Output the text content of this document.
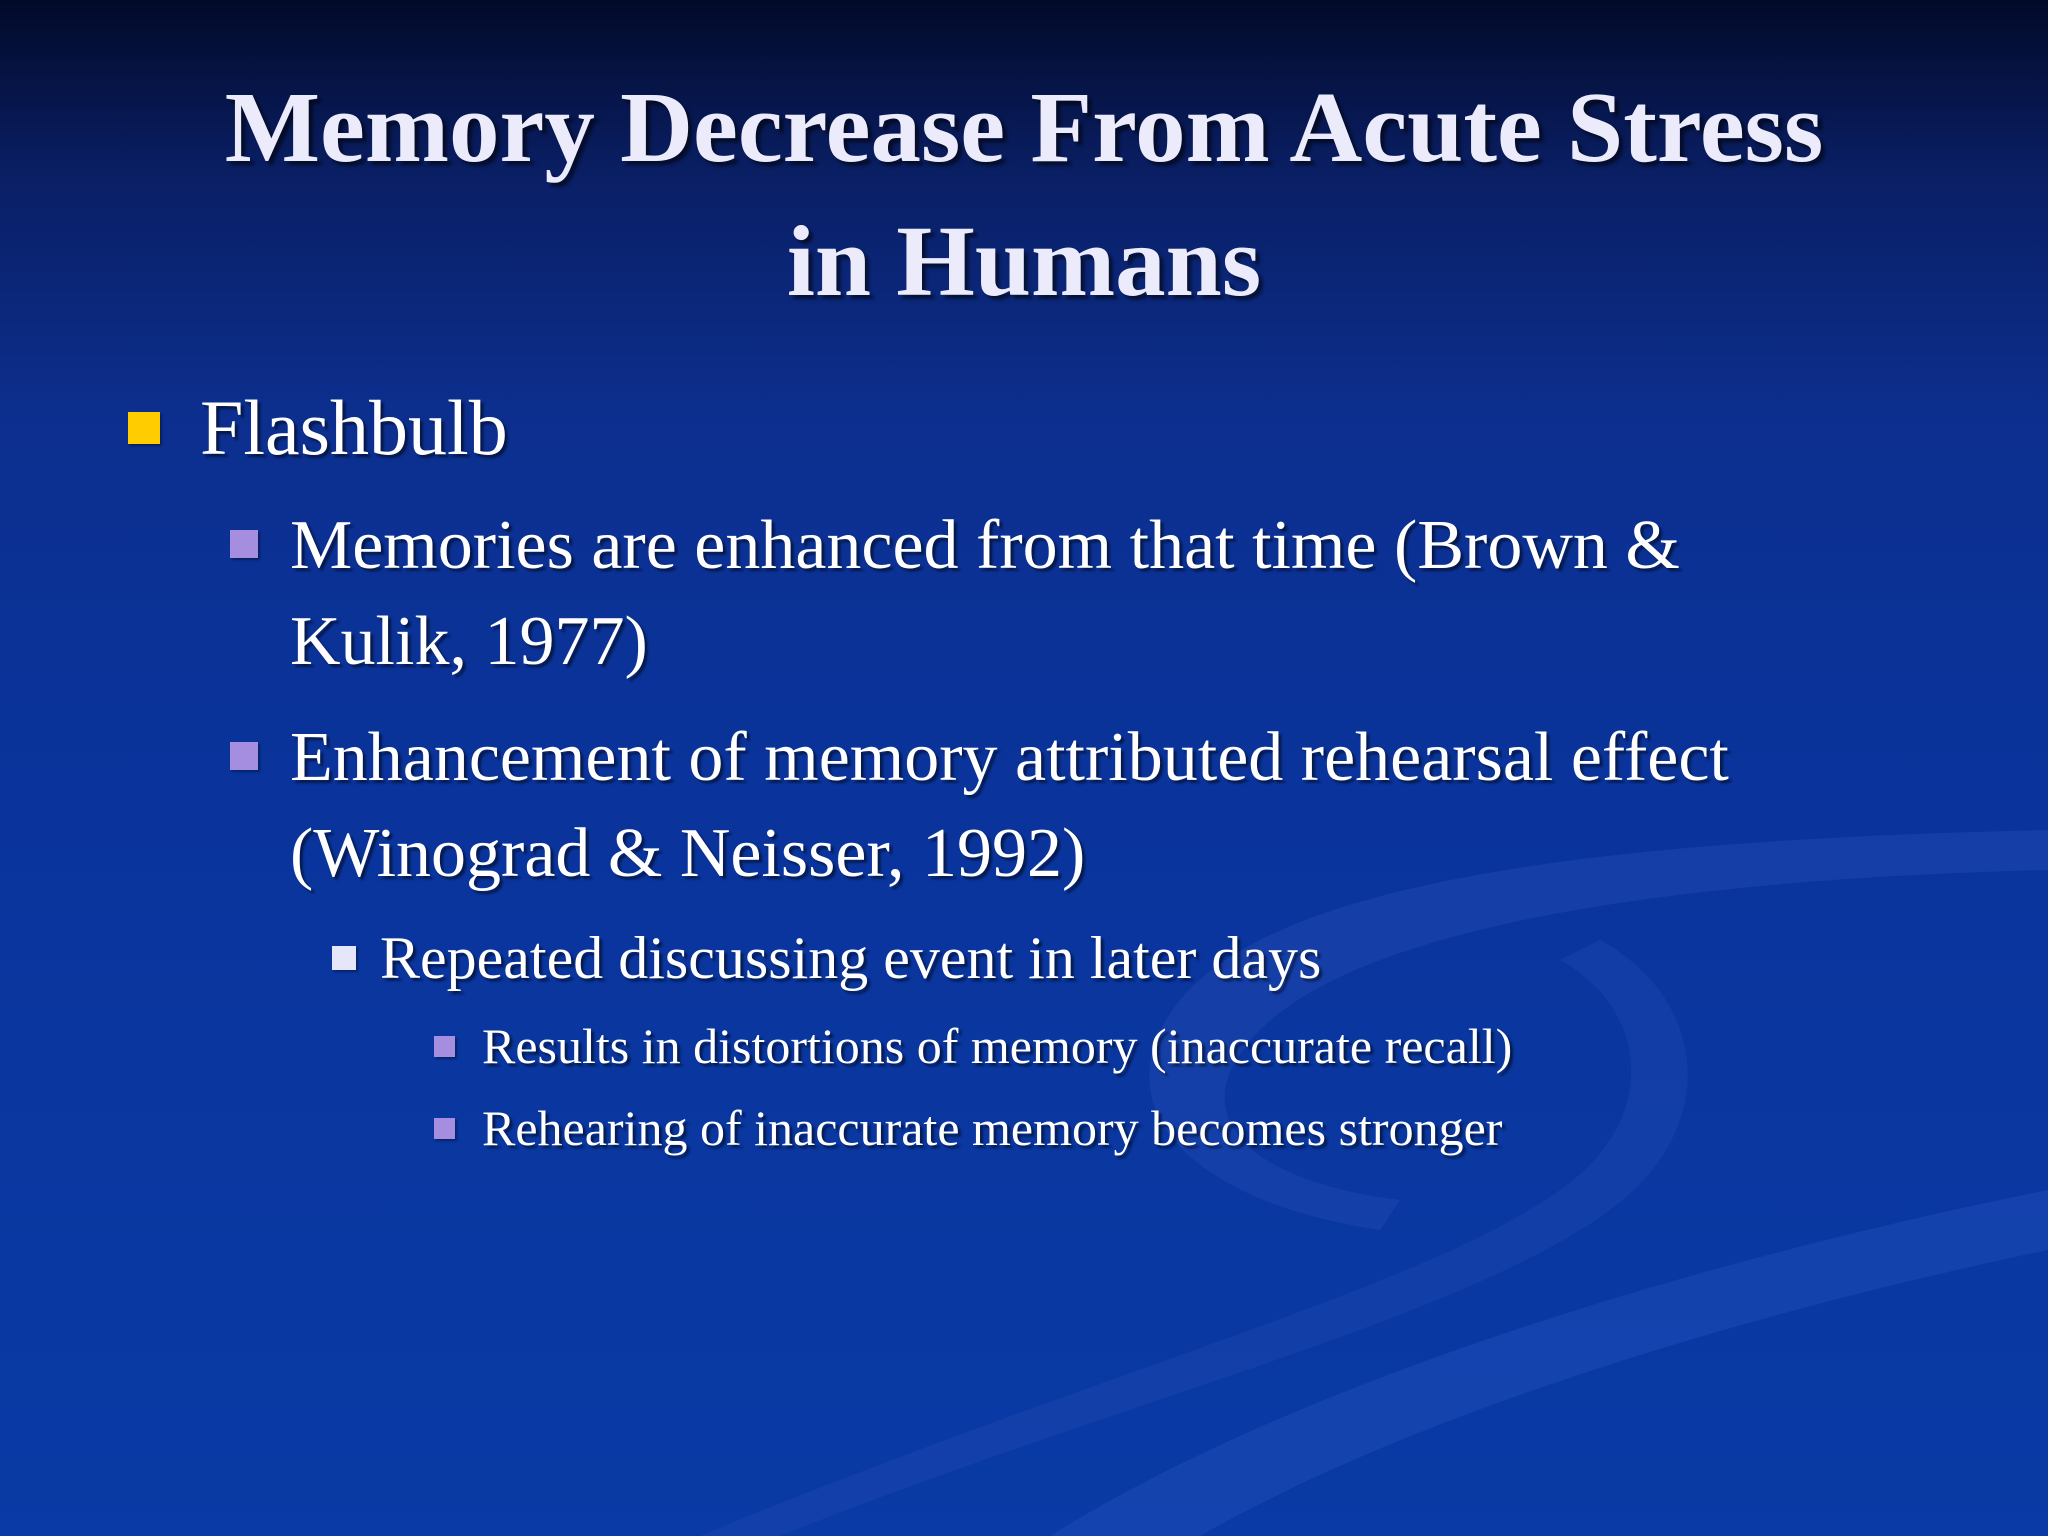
Memory Decrease From Acute Stress
in Humans
Flashbulb
Memories are enhanced from that time (Brown &
Kulik, 1977)
Enhancement of memory attributed rehearsal effect
(Winograd & Neisser, 1992)
Repeated discussing event in later days
Results in distortions of memory (inaccurate recall)
Rehearing of inaccurate memory becomes stronger
